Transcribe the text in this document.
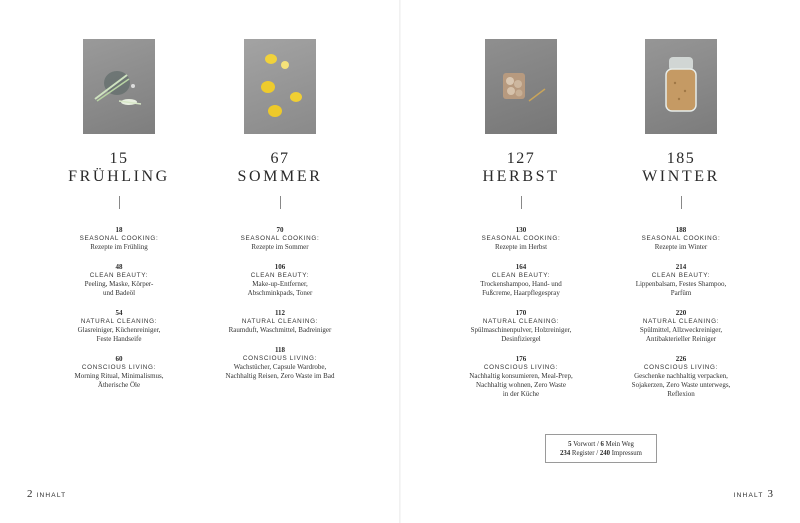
15
FRÜHLING
18
SEASONAL COOKING:
Rezepte im Frühling
48
CLEAN BEAUTY:
Peeling, Maske, Körper-
und Badeöl
54
NATURAL CLEANING:
Glasreiniger, Küchenreiniger,
Feste Handseife
60
CONSCIOUS LIVING:
Morning Ritual, Minimalismus,
Ätherische Öle
67
SOMMER
70
SEASONAL COOKING:
Rezepte im Sommer
106
CLEAN BEAUTY:
Make-up-Entferner,
Abschminkpads, Toner
112
NATURAL CLEANING:
Raumduft, Waschmittel, Badreiniger
118
CONSCIOUS LIVING:
Wachstücher, Capsule Wardrobe,
Nachhaltig Reisen, Zero Waste im Bad
127
HERBST
130
SEASONAL COOKING:
Rezepte im Herbst
164
CLEAN BEAUTY:
Trockenshampoo, Hand- und
Fußcreme, Haarpflegespray
170
NATURAL CLEANING:
Spülmaschinenpulver, Holzreiniger,
Desinfiziergel
176
CONSCIOUS LIVING:
Nachhaltig konsumieren, Meal-Prep,
Nachhaltig wohnen, Zero Waste
in der Küche
185
WINTER
188
SEASONAL COOKING:
Rezepte im Winter
214
CLEAN BEAUTY:
Lippenbalsam, Festes Shampoo,
Parfüm
220
NATURAL CLEANING:
Spülmittel, Allzweckreiniger,
Antibakterieller Reiniger
226
CONSCIOUS LIVING:
Geschenke nachhaltig verpacken,
Sojakerzen, Zero Waste unterwegs,
Reflexion
5 Vorwort / 6 Mein Weg
234 Register / 240 Impressum
2 INHALT	INHALT 3
